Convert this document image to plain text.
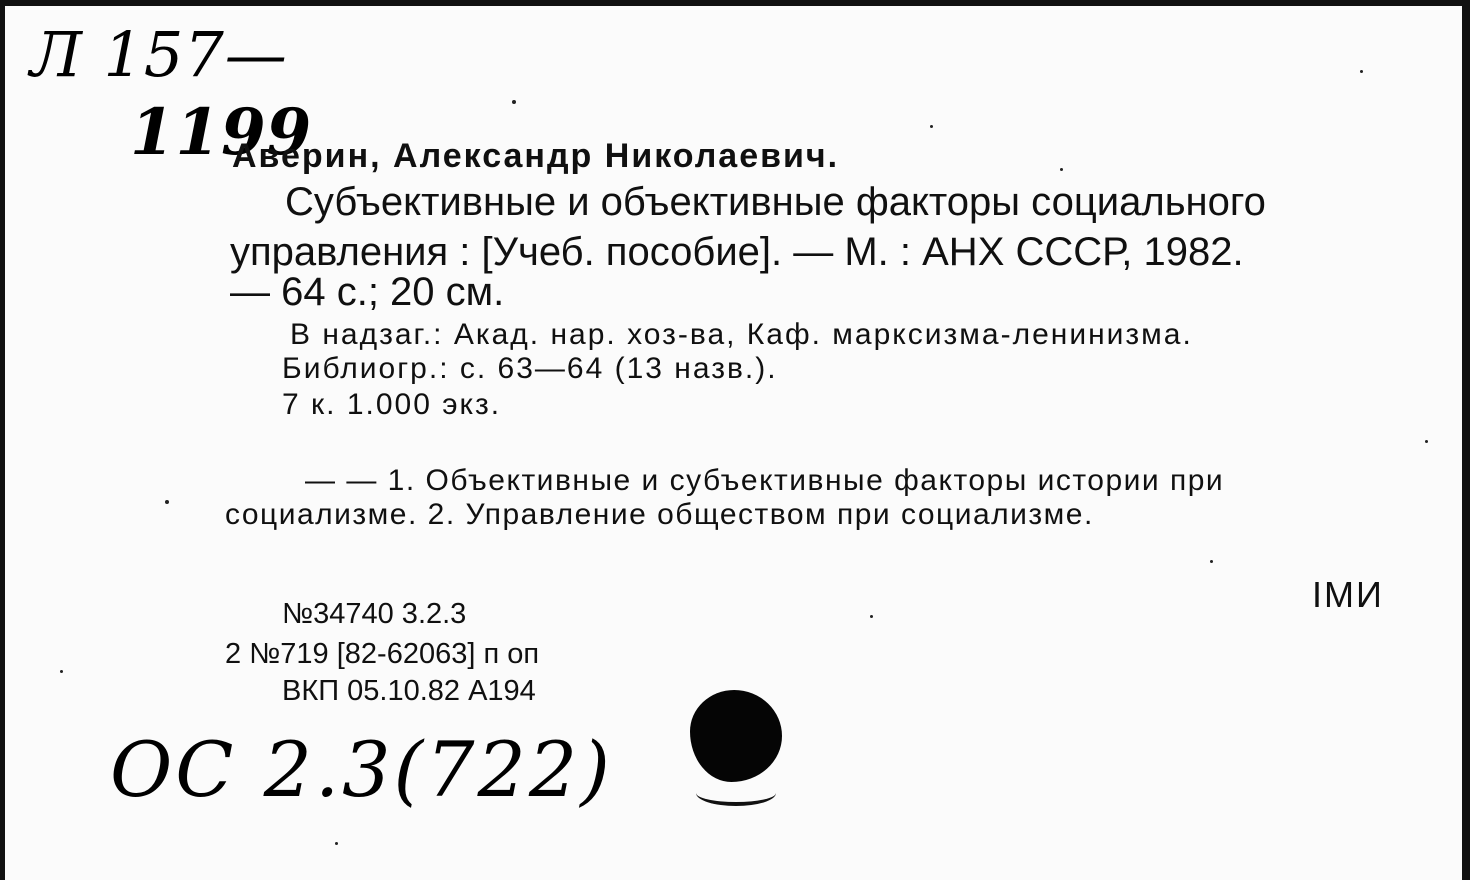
Л 157—
1199
Аверин, Александр Николаевич.
Субъективные и объективные факторы социального
управления : [Учеб. пособие]. — М. : АНХ СССР, 1982.
— 64 с.; 20 см.
В надзаг.: Акад. нар. хоз-ва, Каф. марксизма-ленинизма.
Библиогр.: с. 63—64 (13 назв.).
7 к. 1.000 экз.
— — 1. Объективные и субъективные факторы истории при
социализме. 2. Управление обществом при социализме.
IМИ
№34740 3.2.3
2 №719 [82-62063] п оп
ВКП 05.10.82 А194
ОС 2.3(722)
